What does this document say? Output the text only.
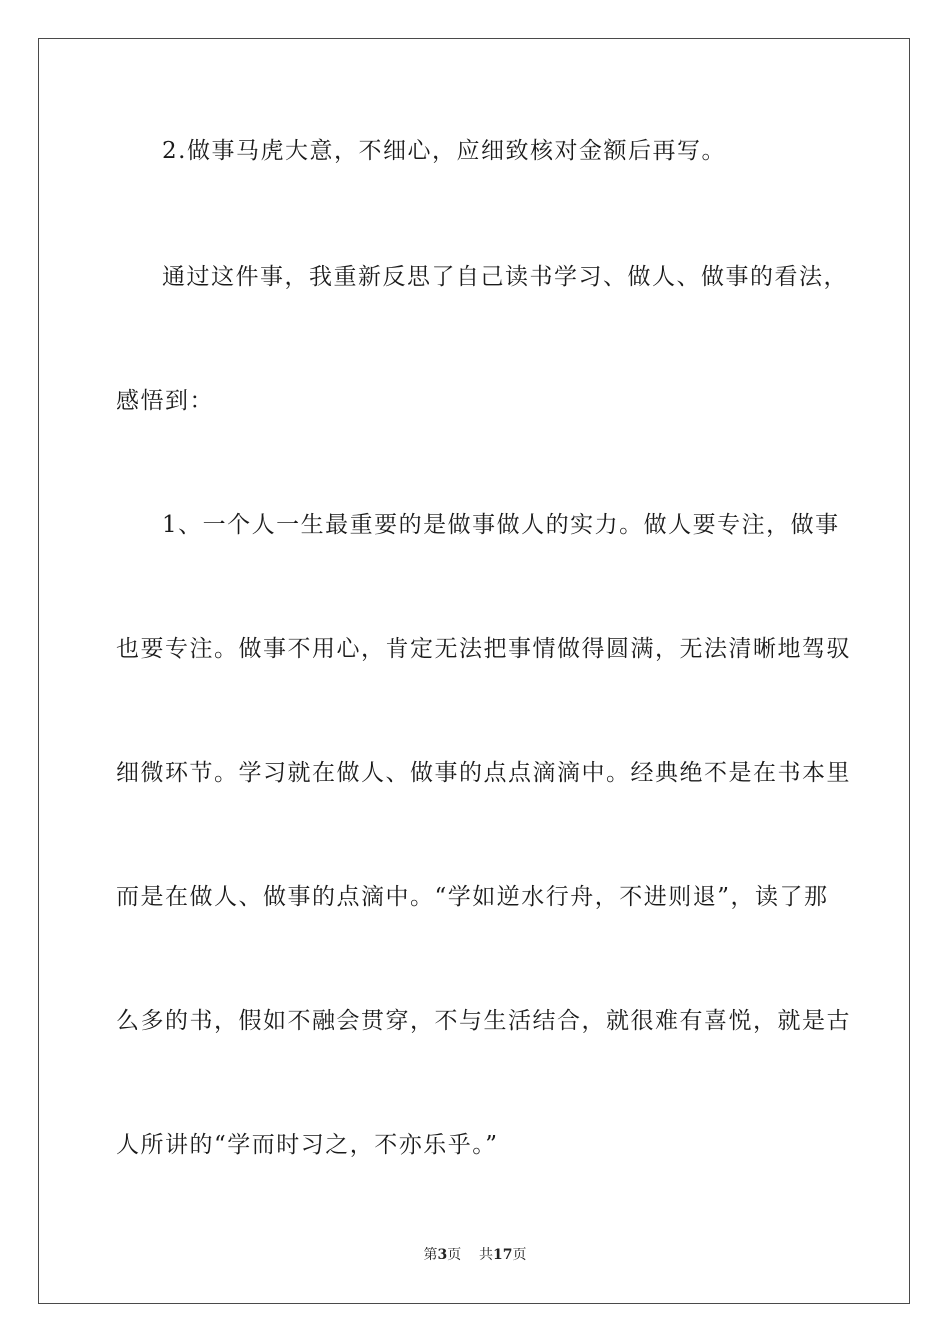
2.做事马虎大意，不细心，应细致核对金额后再写。
通过这件事，我重新反思了自己读书学习、做人、做事的看法，
感悟到：
1、一个人一生最重要的是做事做人的实力。做人要专注，做事
也要专注。做事不用心，肯定无法把事情做得圆满，无法清晰地驾驭
细微环节。学习就在做人、做事的点点滴滴中。经典绝不是在书本里
而是在做人、做事的点滴中。“学如逆水行舟，不进则退”，读了那
么多的书，假如不融会贯穿，不与生活结合，就很难有喜悦，就是古
人所讲的“学而时习之，不亦乐乎。”
第3页 共17页
